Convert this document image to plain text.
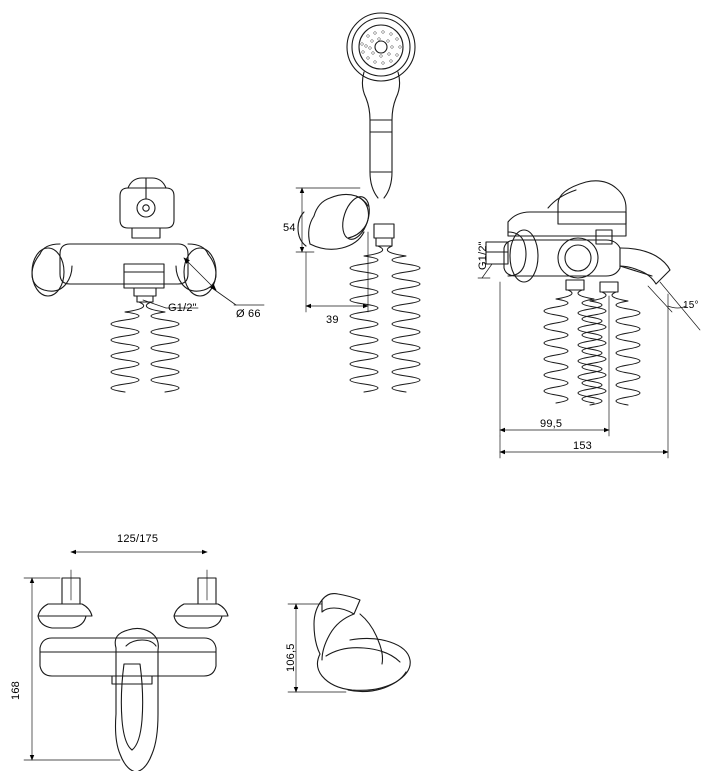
G1/2"	Ø 66
54
39
G1/2"
15°
99,5
153
125/175
168
106,5
